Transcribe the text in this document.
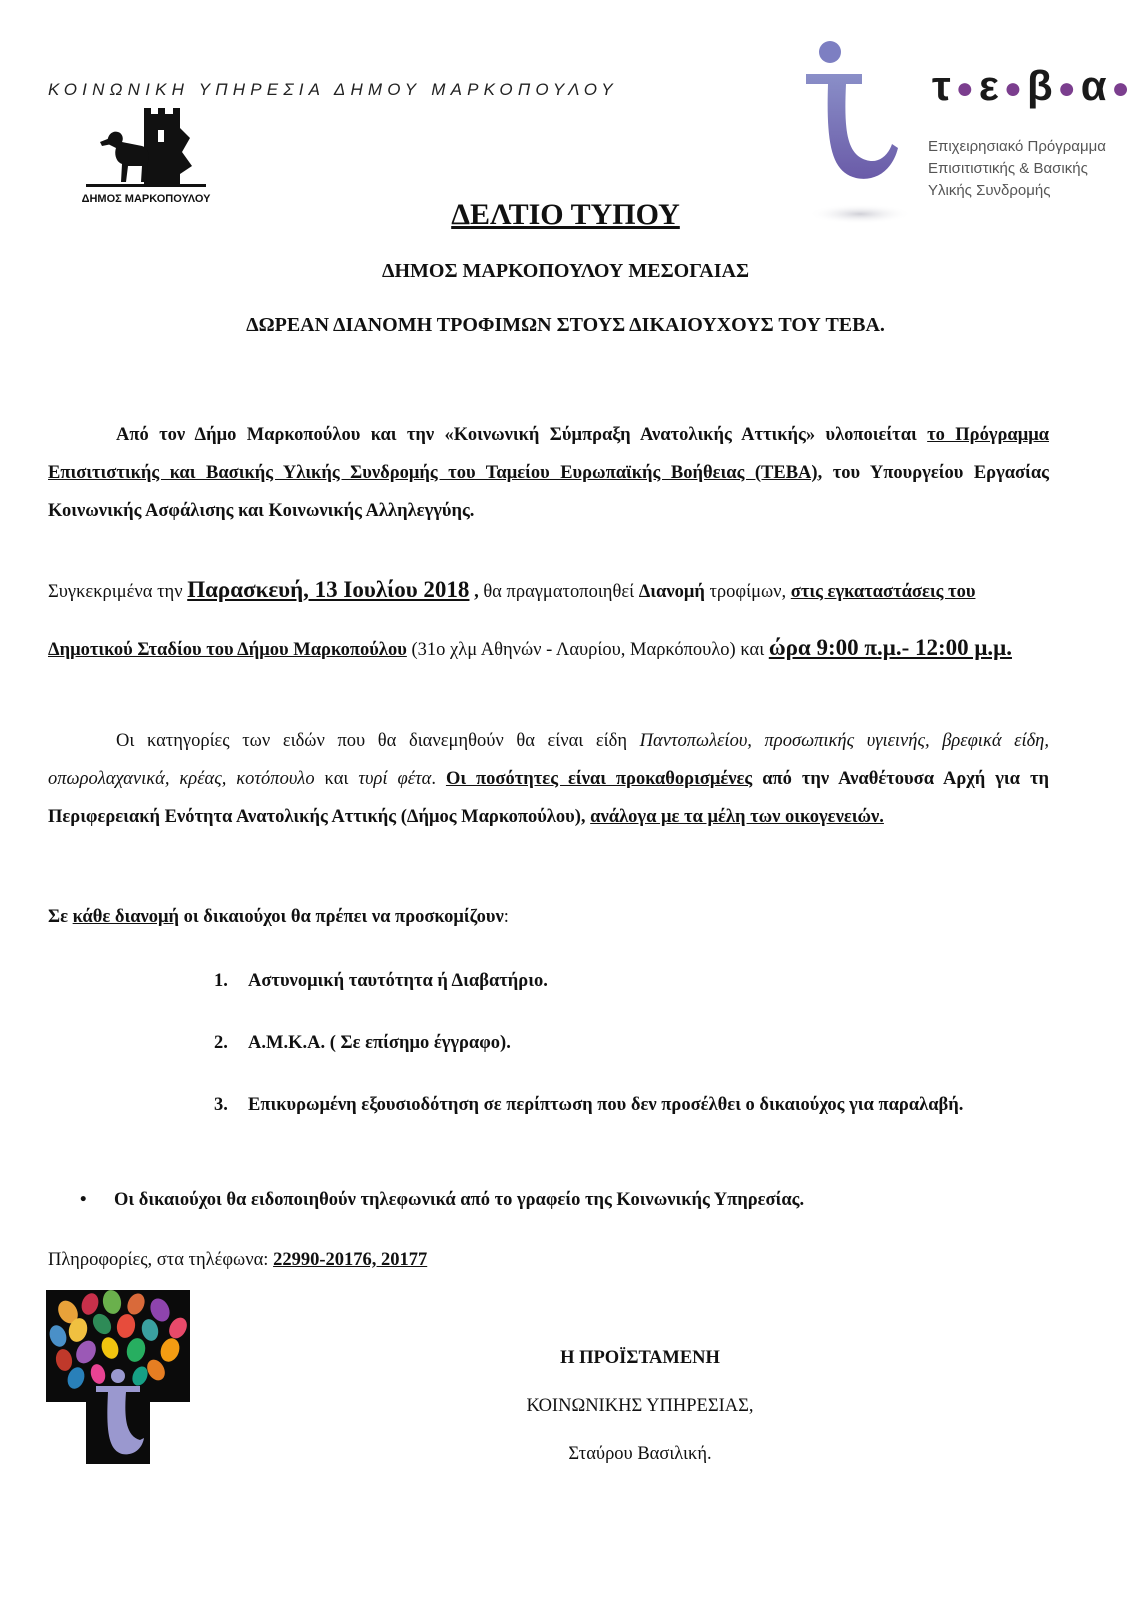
ΚΟΙΝΩΝΙΚΗ ΥΠΗΡΕΣΙΑ ΔΗΜΟΥ ΜΑΡΚΟΠΟΥΛΟΥ
ΔΗΜΟΣ ΜΑΡΚΟΠΟΥΛΟΥ
τ ●ε ●β ●α ●
Επιχειρησιακό Πρόγραμμα
Επισιτιστικής & Βασικής
Υλικής Συνδρομής
ΔΕΛΤΙΟ ΤΥΠΟΥ
ΔΗΜΟΣ ΜΑΡΚΟΠΟΥΛΟΥ ΜΕΣΟΓΑΙΑΣ
ΔΩΡΕΑΝ ΔΙΑΝΟΜΗ ΤΡΟΦΙΜΩΝ ΣΤΟΥΣ ΔΙΚΑΙΟΥΧΟΥΣ ΤΟΥ ΤΕΒΑ.
Από τον Δήμο Μαρκοπούλου και την «Κοινωνική Σύμπραξη Ανατολικής Αττικής» υλοποιείται το Πρόγραμμα Επισιτιστικής και Βασικής Υλικής Συνδρομής του Ταμείου Ευρωπαϊκής Βοήθειας (ΤΕΒΑ), του Υπουργείου Εργασίας Κοινωνικής Ασφάλισης και Κοινωνικής Αλληλεγγύης.
Συγκεκριμένα την Παρασκευή, 13 Ιουλίου 2018 , θα πραγματοποιηθεί Διανομή τροφίμων, στις εγκαταστάσεις του Δημοτικού Σταδίου του Δήμου Μαρκοπούλου (31ο χλμ Αθηνών - Λαυρίου, Μαρκόπουλο) και ώρα 9:00 π.μ.- 12:00 μ.μ.
Οι κατηγορίες των ειδών που θα διανεμηθούν θα είναι είδη Παντοπωλείου, προσωπικής υγιεινής, βρεφικά είδη, οπωρολαχανικά, κρέας, κοτόπουλο και τυρί φέτα. Οι ποσότητες είναι προκαθορισμένες από την Αναθέτουσα Αρχή για τη Περιφερειακή Ενότητα Ανατολικής Αττικής (Δήμος Μαρκοπούλου), ανάλογα με τα μέλη των οικογενειών.
Σε κάθε διανομή οι δικαιούχοι θα πρέπει να προσκομίζουν:
1.	Αστυνομική ταυτότητα ή Διαβατήριο.
2.	Α.Μ.Κ.Α. ( Σε επίσημο έγγραφο).
3.	Επικυρωμένη εξουσιοδότηση σε περίπτωση που δεν προσέλθει ο δικαιούχος για παραλαβή.
• Οι δικαιούχοι θα ειδοποιηθούν τηλεφωνικά από το γραφείο της Κοινωνικής Υπηρεσίας.
Πληροφορίες, στα τηλέφωνα: 22990-20176, 20177
Η ΠΡΟΪΣΤΑΜΕΝΗ
ΚΟΙΝΩΝΙΚΗΣ ΥΠΗΡΕΣΙΑΣ,
Σταύρου Βασιλική.
